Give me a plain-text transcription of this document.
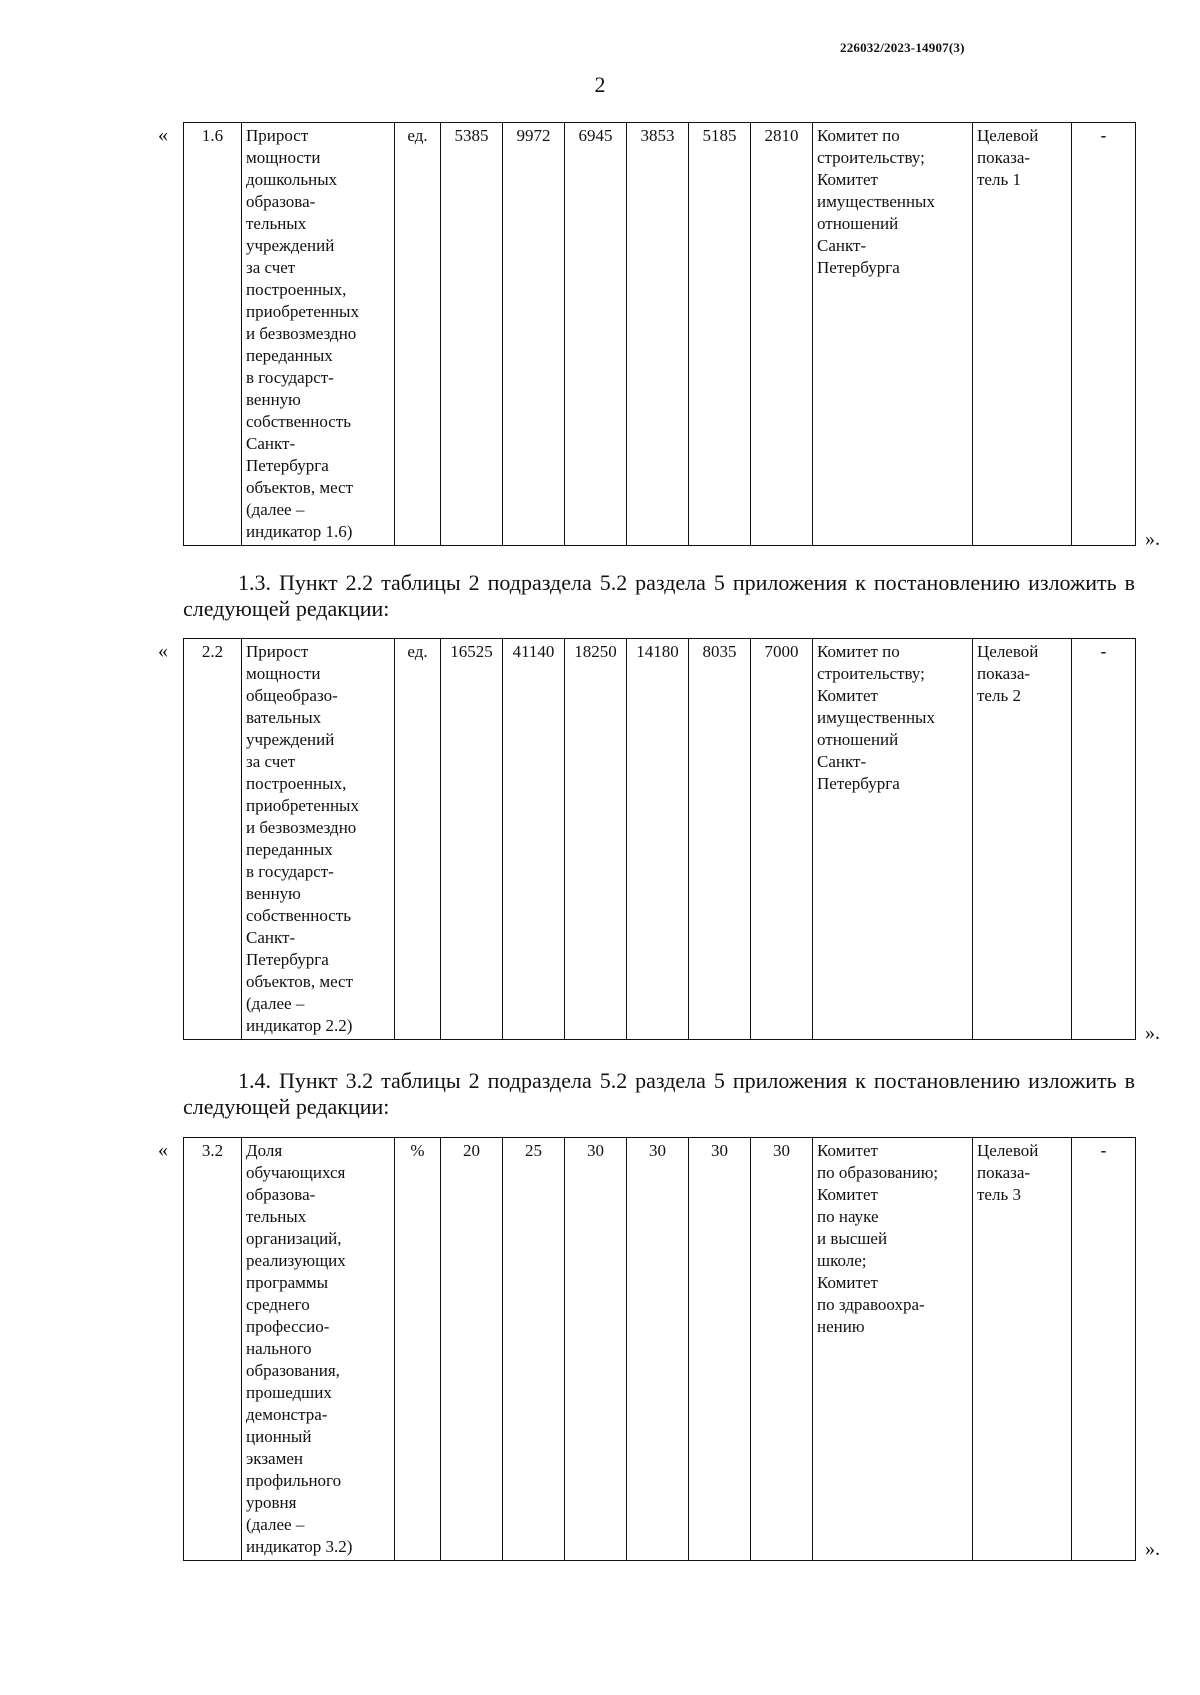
226032/2023-14907(3)
2
« 1.6	Прирост
мощности
дошкольных
образова-
тельных
учреждений
за счет
построенных,
приобретенных
и безвозмездно
переданных
в государст-
венную
собственность
Санкт-
Петербурга
объектов, мест
(далее –
индикатор 1.6)	ед.	5385	9972	6945	3853	5185	2810	Комитет по
строительству;
Комитет
имущественных
отношений
Санкт-
Петербурга	Целевой
показа-
тель 1	-
».
1.3. Пункт 2.2 таблицы 2 подраздела 5.2 раздела 5 приложения к постановлению изложить в следующей редакции:
« 2.2	Прирост
мощности
общеобразо-
вательных
учреждений
за счет
построенных,
приобретенных
и безвозмездно
переданных
в государст-
венную
собственность
Санкт-
Петербурга
объектов, мест
(далее –
индикатор 2.2)	ед.	16525	41140	18250	14180	8035	7000	Комитет по
строительству;
Комитет
имущественных
отношений
Санкт-
Петербурга	Целевой
показа-
тель 2	-
».
1.4. Пункт 3.2 таблицы 2 подраздела 5.2 раздела 5 приложения к постановлению изложить в следующей редакции:
« 3.2	Доля
обучающихся
образова-
тельных
организаций,
реализующих
программы
среднего
профессио-
нального
образования,
прошедших
демонстра-
ционный
экзамен
профильного
уровня
(далее –
индикатор 3.2)	%	20	25	30	30	30	30	Комитет
по образованию;
Комитет
по науке
и высшей
школе;
Комитет
по здравоохра-
нению	Целевой
показа-
тель 3	-
».
